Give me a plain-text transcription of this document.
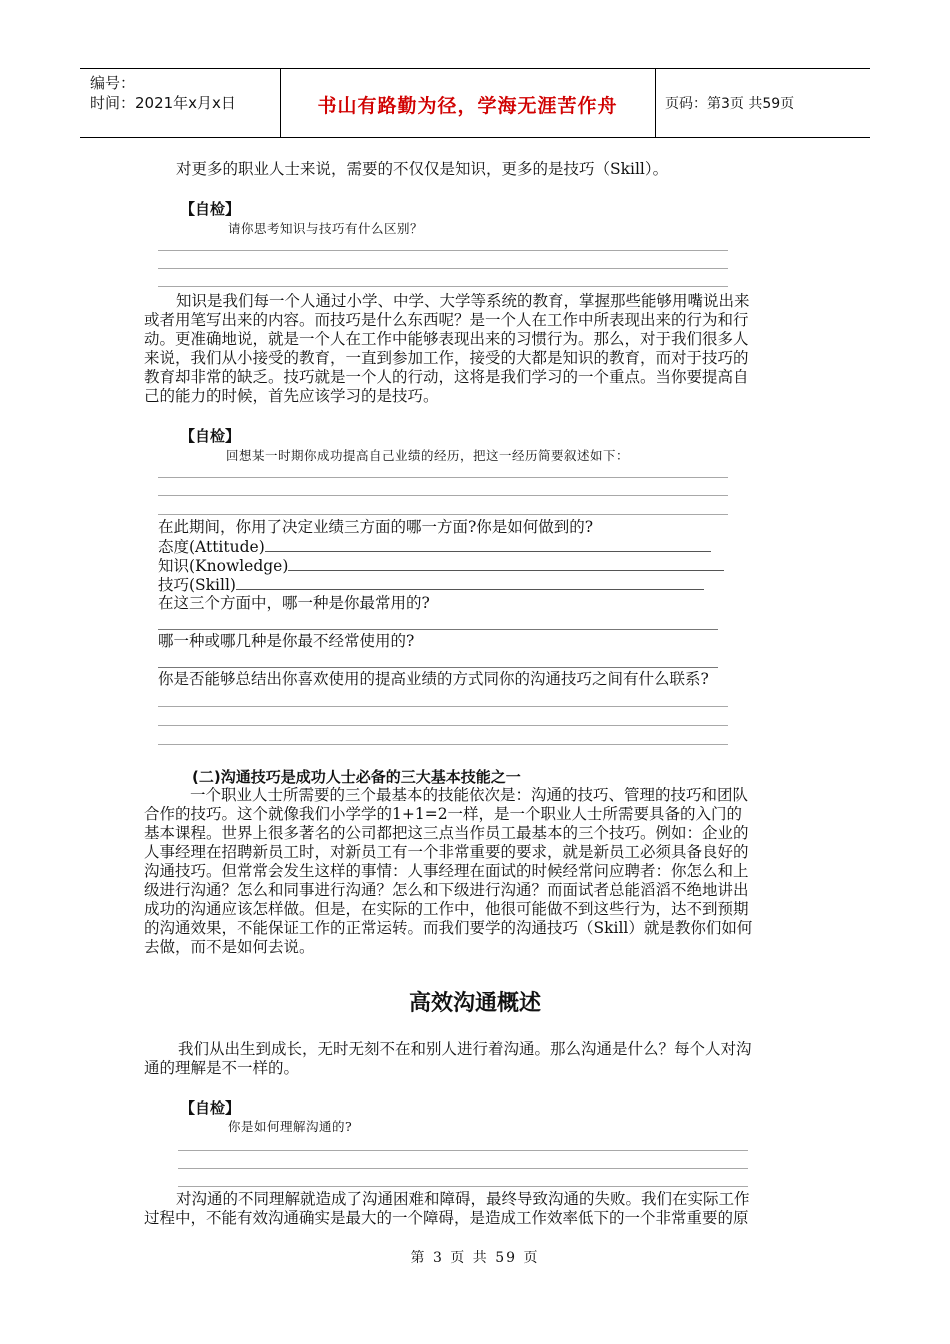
编号：
时间：2021年x月x日	书山有路勤为径，学海无涯苦作舟	页码：第3页 共59页
对更多的职业人士来说，需要的不仅仅是知识，更多的是技巧（Skill）。
【自检】
请你思考知识与技巧有什么区别？
知识是我们每一个人通过小学、中学、大学等系统的教育，掌握那些能够用嘴说出来
或者用笔写出来的内容。而技巧是什么东西呢？是一个人在工作中所表现出来的行为和行
动。更准确地说，就是一个人在工作中能够表现出来的习惯行为。那么，对于我们很多人
来说，我们从小接受的教育，一直到参加工作，接受的大都是知识的教育，而对于技巧的
教育却非常的缺乏。技巧就是一个人的行动，这将是我们学习的一个重点。当你要提高自
己的能力的时候，首先应该学习的是技巧。
【自检】
回想某一时期你成功提高自己业绩的经历，把这一经历简要叙述如下：
在此期间，你用了决定业绩三方面的哪一方面?你是如何做到的?
态度(Attitude)
知识(Knowledge)
技巧(Skill)
在这三个方面中，哪一种是你最常用的?
哪一种或哪几种是你最不经常使用的?
你是否能够总结出你喜欢使用的提高业绩的方式同你的沟通技巧之间有什么联系?
(二)沟通技巧是成功人士必备的三大基本技能之一
一个职业人士所需要的三个最基本的技能依次是：沟通的技巧、管理的技巧和团队
合作的技巧。这个就像我们小学学的1+1=2一样，是一个职业人士所需要具备的入门的
基本课程。世界上很多著名的公司都把这三点当作员工最基本的三个技巧。例如：企业的
人事经理在招聘新员工时，对新员工有一个非常重要的要求，就是新员工必须具备良好的
沟通技巧。但常常会发生这样的事情：人事经理在面试的时候经常问应聘者：你怎么和上
级进行沟通？怎么和同事进行沟通？怎么和下级进行沟通？而面试者总能滔滔不绝地讲出
成功的沟通应该怎样做。但是，在实际的工作中，他很可能做不到这些行为，达不到预期
的沟通效果，不能保证工作的正常运转。而我们要学的沟通技巧（Skill）就是教你们如何
去做，而不是如何去说。
高效沟通概述
我们从出生到成长，无时无刻不在和别人进行着沟通。那么沟通是什么？每个人对沟
通的理解是不一样的。
【自检】
你是如何理解沟通的?
对沟通的不同理解就造成了沟通困难和障碍，最终导致沟通的失败。我们在实际工作
过程中，不能有效沟通确实是最大的一个障碍，是造成工作效率低下的一个非常重要的原
第 3 页 共 59 页
